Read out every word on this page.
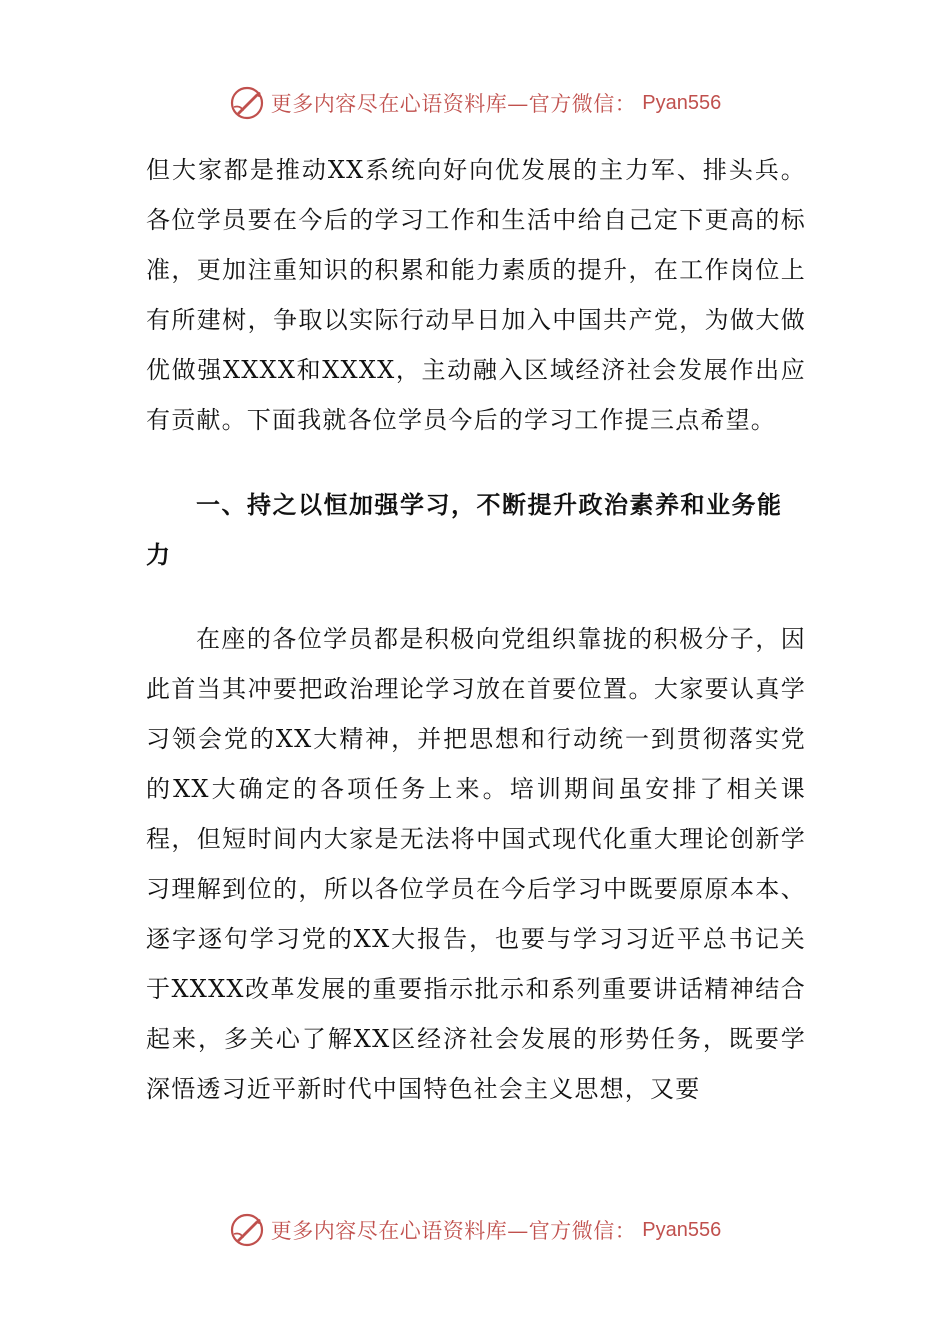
更多内容尽在心语资料库—官方微信： Pyan556

但大家都是推动XX系统向好向优发展的主力军、排头兵。各位学员要在今后的学习工作和生活中给自己定下更高的标准，更加注重知识的积累和能力素质的提升，在工作岗位上有所建树，争取以实际行动早日加入中国共产党，为做大做优做强XXXX和XXXX，主动融入区域经济社会发展作出应有贡献。下面我就各位学员今后的学习工作提三点希望。

一、持之以恒加强学习，不断提升政治素养和业务能力

在座的各位学员都是积极向党组织靠拢的积极分子，因此首当其冲要把政治理论学习放在首要位置。大家要认真学习领会党的XX大精神，并把思想和行动统一到贯彻落实党的XX大确定的各项任务上来。培训期间虽安排了相关课程，但短时间内大家是无法将中国式现代化重大理论创新学习理解到位的，所以各位学员在今后学习中既要原原本本、逐字逐句学习党的XX大报告，也要与学习习近平总书记关于XXXX改革发展的重要指示批示和系列重要讲话精神结合起来，多关心了解XX区经济社会发展的形势任务，既要学深悟透习近平新时代中国特色社会主义思想，又要

更多内容尽在心语资料库—官方微信： Pyan556
